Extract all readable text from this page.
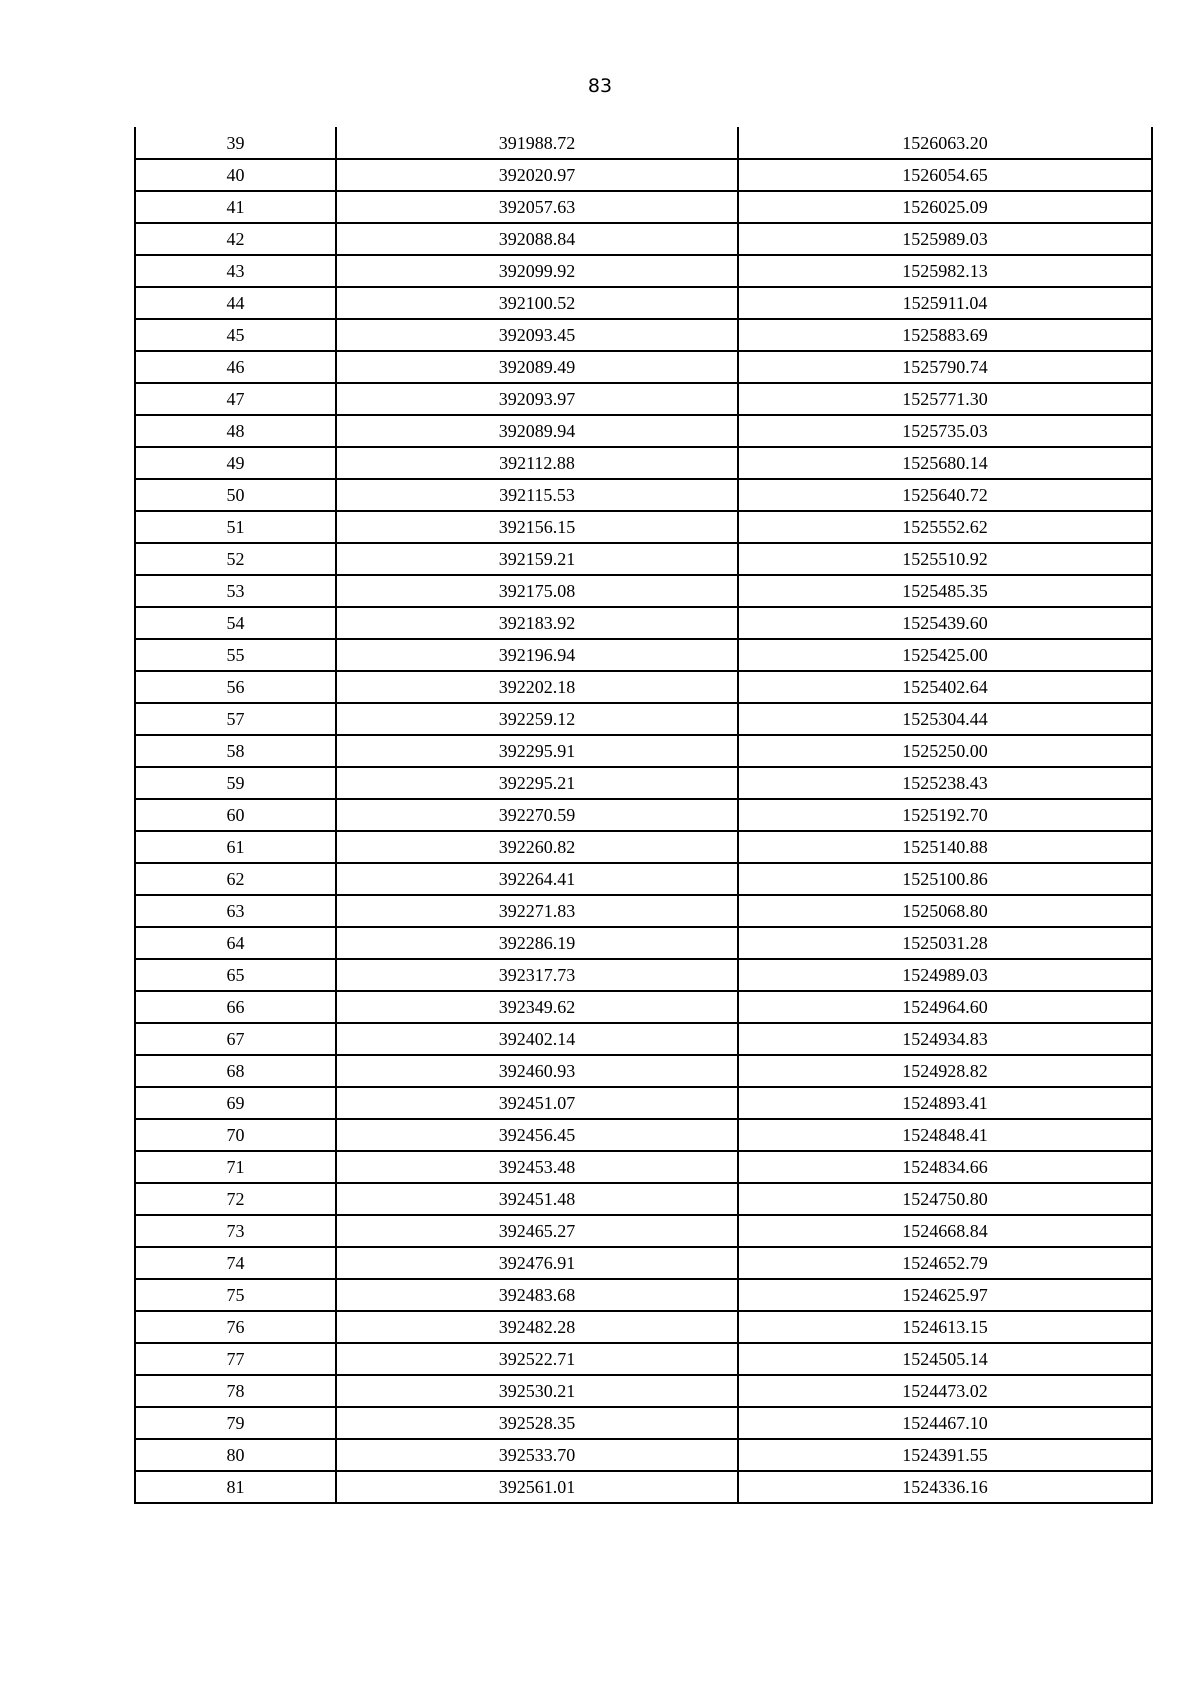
83
39	391988.72	1526063.20
40	392020.97	1526054.65
41	392057.63	1526025.09
42	392088.84	1525989.03
43	392099.92	1525982.13
44	392100.52	1525911.04
45	392093.45	1525883.69
46	392089.49	1525790.74
47	392093.97	1525771.30
48	392089.94	1525735.03
49	392112.88	1525680.14
50	392115.53	1525640.72
51	392156.15	1525552.62
52	392159.21	1525510.92
53	392175.08	1525485.35
54	392183.92	1525439.60
55	392196.94	1525425.00
56	392202.18	1525402.64
57	392259.12	1525304.44
58	392295.91	1525250.00
59	392295.21	1525238.43
60	392270.59	1525192.70
61	392260.82	1525140.88
62	392264.41	1525100.86
63	392271.83	1525068.80
64	392286.19	1525031.28
65	392317.73	1524989.03
66	392349.62	1524964.60
67	392402.14	1524934.83
68	392460.93	1524928.82
69	392451.07	1524893.41
70	392456.45	1524848.41
71	392453.48	1524834.66
72	392451.48	1524750.80
73	392465.27	1524668.84
74	392476.91	1524652.79
75	392483.68	1524625.97
76	392482.28	1524613.15
77	392522.71	1524505.14
78	392530.21	1524473.02
79	392528.35	1524467.10
80	392533.70	1524391.55
81	392561.01	1524336.16
